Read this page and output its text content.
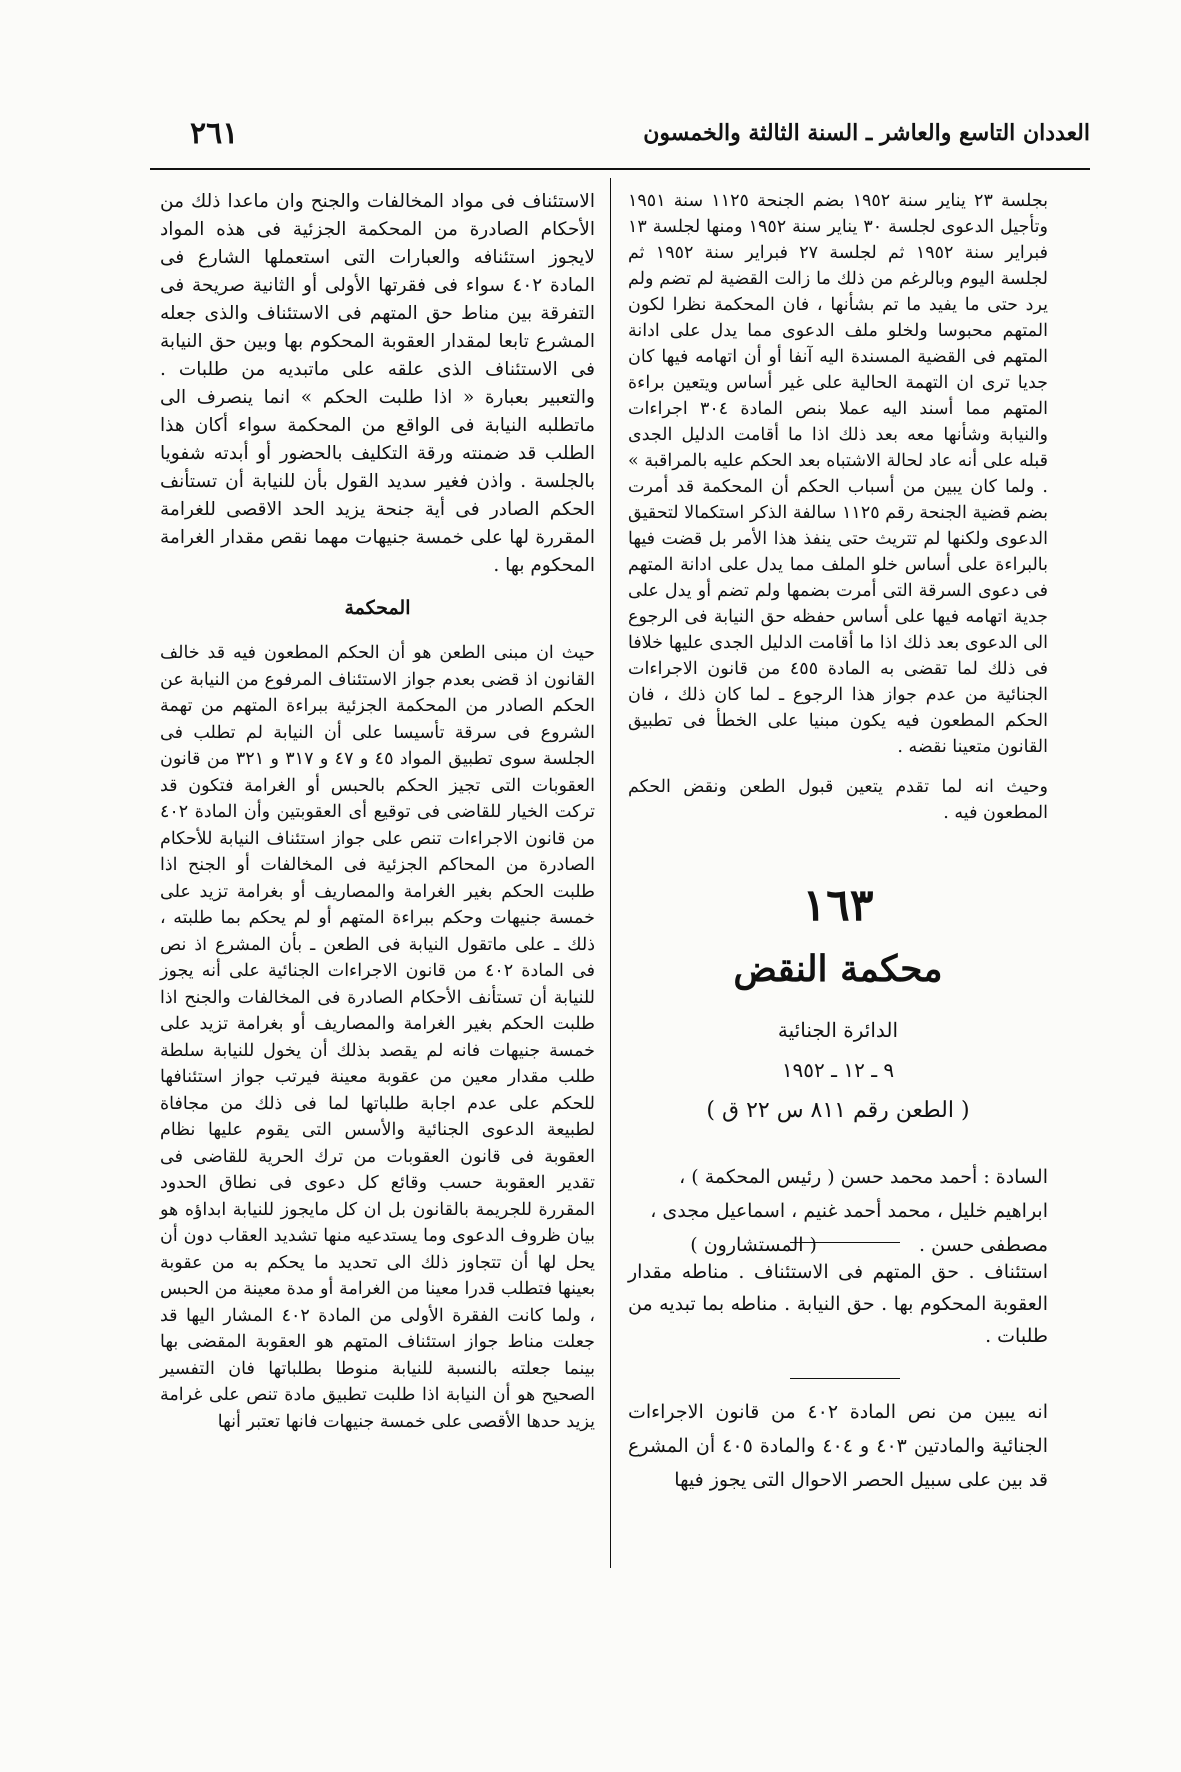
العددان التاسع والعاشر ـ السنة الثالثة والخمسون
٢٦١

بجلسة ٢٣ يناير سنة ١٩٥٢ بضم الجنحة ١١٢٥ سنة ١٩٥١ وتأجيل الدعوى لجلسة ٣٠ يناير سنة ١٩٥٢ ومنها لجلسة ١٣ فبراير سنة ١٩٥٢ ثم لجلسة ٢٧ فبراير سنة ١٩٥٢ ثم لجلسة اليوم وبالرغم من ذلك ما زالت القضية لم تضم ولم يرد حتى ما يفيد ما تم بشأنها ، فان المحكمة نظرا لكون المتهم محبوسا ولخلو ملف الدعوى مما يدل على ادانة المتهم فى القضية المسندة اليه آنفا أو أن اتهامه فيها كان جديا ترى ان التهمة الحالية على غير أساس ويتعين براءة المتهم مما أسند اليه عملا بنص المادة ٣٠٤ اجراءات والنيابة وشأنها معه بعد ذلك اذا ما أقامت الدليل الجدى قبله على أنه عاد لحالة الاشتباه بعد الحكم عليه بالمراقبة » . ولما كان يبين من أسباب الحكم أن المحكمة قد أمرت بضم قضية الجنحة رقم ١١٢٥ سالفة الذكر استكمالا لتحقيق الدعوى ولكنها لم تتريث حتى ينفذ هذا الأمر بل قضت فيها بالبراءة على أساس خلو الملف مما يدل على ادانة المتهم فى دعوى السرقة التى أمرت بضمها ولم تضم أو يدل على جدية اتهامه فيها على أساس حفظه حق النيابة فى الرجوع الى الدعوى بعد ذلك اذا ما أقامت الدليل الجدى عليها خلافا فى ذلك لما تقضى به المادة ٤٥٥ من قانون الاجراءات الجنائية من عدم جواز هذا الرجوع ـ لما كان ذلك ، فان الحكم المطعون فيه يكون مبنيا على الخطأ فى تطبيق القانون متعينا نقضه .

وحيث انه لما تقدم يتعين قبول الطعن ونقض الحكم المطعون فيه .

١٦٣
محكمة النقض
الدائرة الجنائية
٩ ـ ١٢ ـ ١٩٥٢
( الطعن رقم ٨١١ س ٢٢ ق )
السادة : أحمد محمد حسن ( رئيس المحكمة ) ،
ابراهيم خليل ، محمد أحمد غنيم ، اسماعيل مجدى ،
مصطفى حسن .  ( المستشارون )
استئناف . حق المتهم فى الاستئناف . مناطه مقدار العقوبة المحكوم بها . حق النيابة . مناطه بما تبديه من طلبات .
انه يبين من نص المادة ٤٠٢ من قانون الاجراءات الجنائية والمادتين ٤٠٣ و ٤٠٤ والمادة ٤٠٥ أن المشرع قد بين على سبيل الحصر الاحوال التى يجوز فيها

الاستئناف فى مواد المخالفات والجنح وان ماعدا ذلك من الأحكام الصادرة من المحكمة الجزئية فى هذه المواد لايجوز استئنافه والعبارات التى استعملها الشارع فى المادة ٤٠٢ سواء فى فقرتها الأولى أو الثانية صريحة فى التفرقة بين مناط حق المتهم فى الاستئناف والذى جعله المشرع تابعا لمقدار العقوبة المحكوم بها وبين حق النيابة فى الاستئناف الذى علقه على ماتبديه من طلبات . والتعبير بعبارة « اذا طلبت الحكم » انما ينصرف الى ماتطلبه النيابة فى الواقع من المحكمة سواء أكان هذا الطلب قد ضمنته ورقة التكليف بالحضور أو أبدته شفويا بالجلسة . واذن فغير سديد القول بأن للنيابة أن تستأنف الحكم الصادر فى أية جنحة يزيد الحد الاقصى للغرامة المقررة لها على خمسة جنيهات مهما نقص مقدار الغرامة المحكوم بها .

المحكمة

حيث ان مبنى الطعن هو أن الحكم المطعون فيه قد خالف القانون اذ قضى بعدم جواز الاستئناف المرفوع من النيابة عن الحكم الصادر من المحكمة الجزئية ببراءة المتهم من تهمة الشروع فى سرقة تأسيسا على أن النيابة لم تطلب فى الجلسة سوى تطبيق المواد ٤٥ و ٤٧ و ٣١٧ و ٣٢١ من قانون العقوبات التى تجيز الحكم بالحبس أو الغرامة فتكون قد تركت الخيار للقاضى فى توقيع أى العقوبتين وأن المادة ٤٠٢ من قانون الاجراءات تنص على جواز استئناف النيابة للأحكام الصادرة من المحاكم الجزئية فى المخالفات أو الجنح اذا طلبت الحكم بغير الغرامة والمصاريف أو بغرامة تزيد على خمسة جنيهات وحكم ببراءة المتهم أو لم يحكم بما طلبته ، ذلك ـ على ماتقول النيابة فى الطعن ـ بأن المشرع اذ نص فى المادة ٤٠٢ من قانون الاجراءات الجنائية على أنه يجوز للنيابة أن تستأنف الأحكام الصادرة فى المخالفات والجنح اذا طلبت الحكم بغير الغرامة والمصاريف أو بغرامة تزيد على خمسة جنيهات فانه لم يقصد بذلك أن يخول للنيابة سلطة طلب مقدار معين من عقوبة معينة فيرتب جواز استئنافها للحكم على عدم اجابة طلباتها لما فى ذلك من مجافاة لطبيعة الدعوى الجنائية والأسس التى يقوم عليها نظام العقوبة فى قانون العقوبات من ترك الحرية للقاضى فى تقدير العقوبة حسب وقائع كل دعوى فى نطاق الحدود المقررة للجريمة بالقانون بل ان كل مايجوز للنيابة ابداؤه هو بيان ظروف الدعوى وما يستدعيه منها تشديد العقاب دون أن يحل لها أن تتجاوز ذلك الى تحديد ما يحكم به من عقوبة بعينها فتطلب قدرا معينا من الغرامة أو مدة معينة من الحبس ، ولما كانت الفقرة الأولى من المادة ٤٠٢ المشار اليها قد جعلت مناط جواز استئناف المتهم هو العقوبة المقضى بها بينما جعلته بالنسبة للنيابة منوطا بطلباتها فان التفسير الصحيح هو أن النيابة اذا طلبت تطبيق مادة تنص على غرامة يزيد حدها الأقصى على خمسة جنيهات فانها تعتبر أنها
